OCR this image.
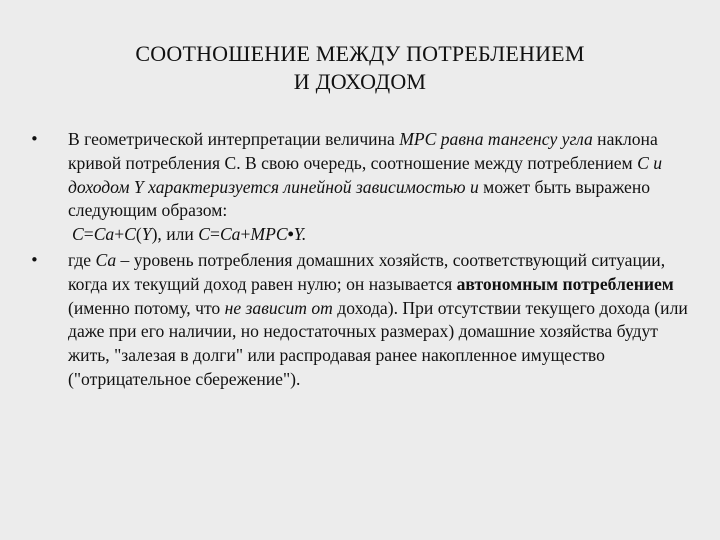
СООТНОШЕНИЕ МЕЖДУ ПОТРЕБЛЕНИЕМ
И ДОХОДОМ

•	В геометрической интерпретации величина MPC равна тангенсу угла наклона кривой потребления С. В свою очередь, соотношение между потреблением С и доходом Y характеризуется линейной зависимостью и может быть выражено следующим образом:
C=Ca+C(Y), или C=Ca+MPC•Y.

•	где Са – уровень потребления домашних хозяйств, соответствующий ситуации, когда их текущий доход равен нулю; он называется автономным потреблением (именно потому, что не зависит от дохода). При отсутствии текущего дохода (или даже при его наличии, но недостаточных размерах) домашние хозяйства будут жить, "залезая в долги" или распродавая ранее накопленное имущество ("отрицательное сбережение").
